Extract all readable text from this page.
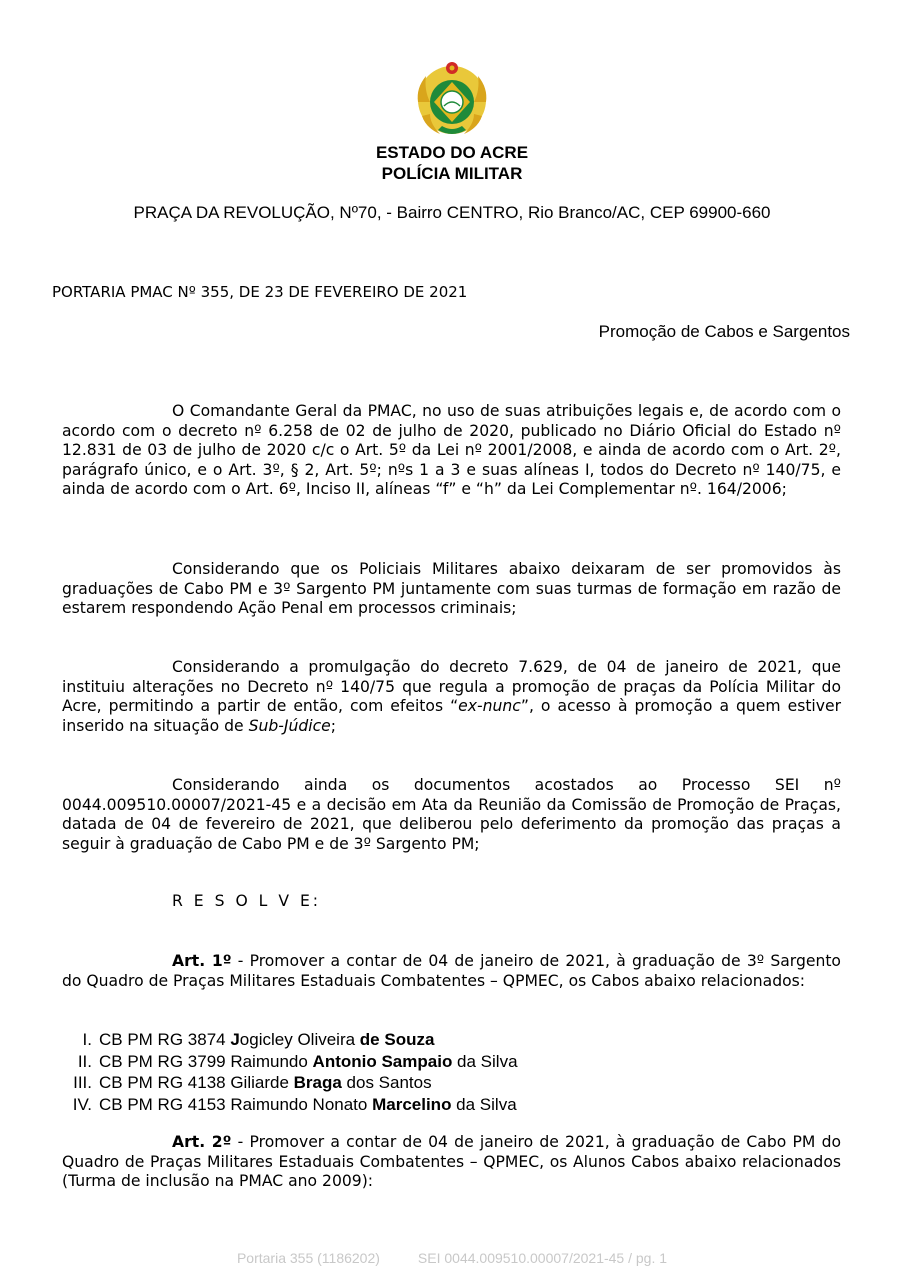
ESTADO DO ACRE
POLÍCIA MILITAR
PRAÇA DA REVOLUÇÃO, Nº70, - Bairro CENTRO, Rio Branco/AC, CEP 69900-660
PORTARIA PMAC Nº 355, DE 23 DE FEVEREIRO DE 2021
Promoção de Cabos e Sargentos
O Comandante Geral da PMAC, no uso de suas atribuições legais e, de acordo com o acordo com o decreto nº 6.258 de 02 de julho de 2020, publicado no Diário Oficial do Estado nº 12.831 de 03 de julho de 2020 c/c o Art. 5º da Lei nº 2001/2008, e ainda de acordo com o Art. 2º, parágrafo único, e o Art. 3º, § 2, Art. 5º; nºs 1 a 3 e suas alíneas I, todos do Decreto nº 140/75, e ainda de acordo com o Art. 6º, Inciso II, alíneas “f” e “h” da Lei Complementar nº. 164/2006;
Considerando que os Policiais Militares abaixo deixaram de ser promovidos às graduações de Cabo PM e 3º Sargento PM juntamente com suas turmas de formação em razão de estarem respondendo Ação Penal em processos criminais;
Considerando a promulgação do decreto 7.629, de 04 de janeiro de 2021, que instituiu alterações no Decreto nº 140/75 que regula a promoção de praças da Polícia Militar do Acre, permitindo a partir de então, com efeitos “ex-nunc”, o acesso à promoção a quem estiver inserido na situação de Sub-Júdice;
Considerando ainda os documentos acostados ao Processo SEI nº 0044.009510.00007/2021-45 e a decisão em Ata da Reunião da Comissão de Promoção de Praças, datada de 04 de fevereiro de 2021, que deliberou pelo deferimento da promoção das praças a seguir à graduação de Cabo PM e de 3º Sargento PM;
R E S O L V E:
Art. 1º - Promover a contar de 04 de janeiro de 2021, à graduação de 3º Sargento do Quadro de Praças Militares Estaduais Combatentes – QPMEC, os Cabos abaixo relacionados:
I. CB PM RG 3874 Jogicley Oliveira de Souza
II. CB PM RG 3799 Raimundo Antonio Sampaio da Silva
III. CB PM RG 4138 Giliarde Braga dos Santos
IV. CB PM RG 4153 Raimundo Nonato Marcelino da Silva
Art. 2º - Promover a contar de 04 de janeiro de 2021, à graduação de Cabo PM do Quadro de Praças Militares Estaduais Combatentes – QPMEC, os Alunos Cabos abaixo relacionados (Turma de inclusão na PMAC ano 2009):
Portaria 355 (1186202)	SEI 0044.009510.00007/2021-45 / pg. 1
